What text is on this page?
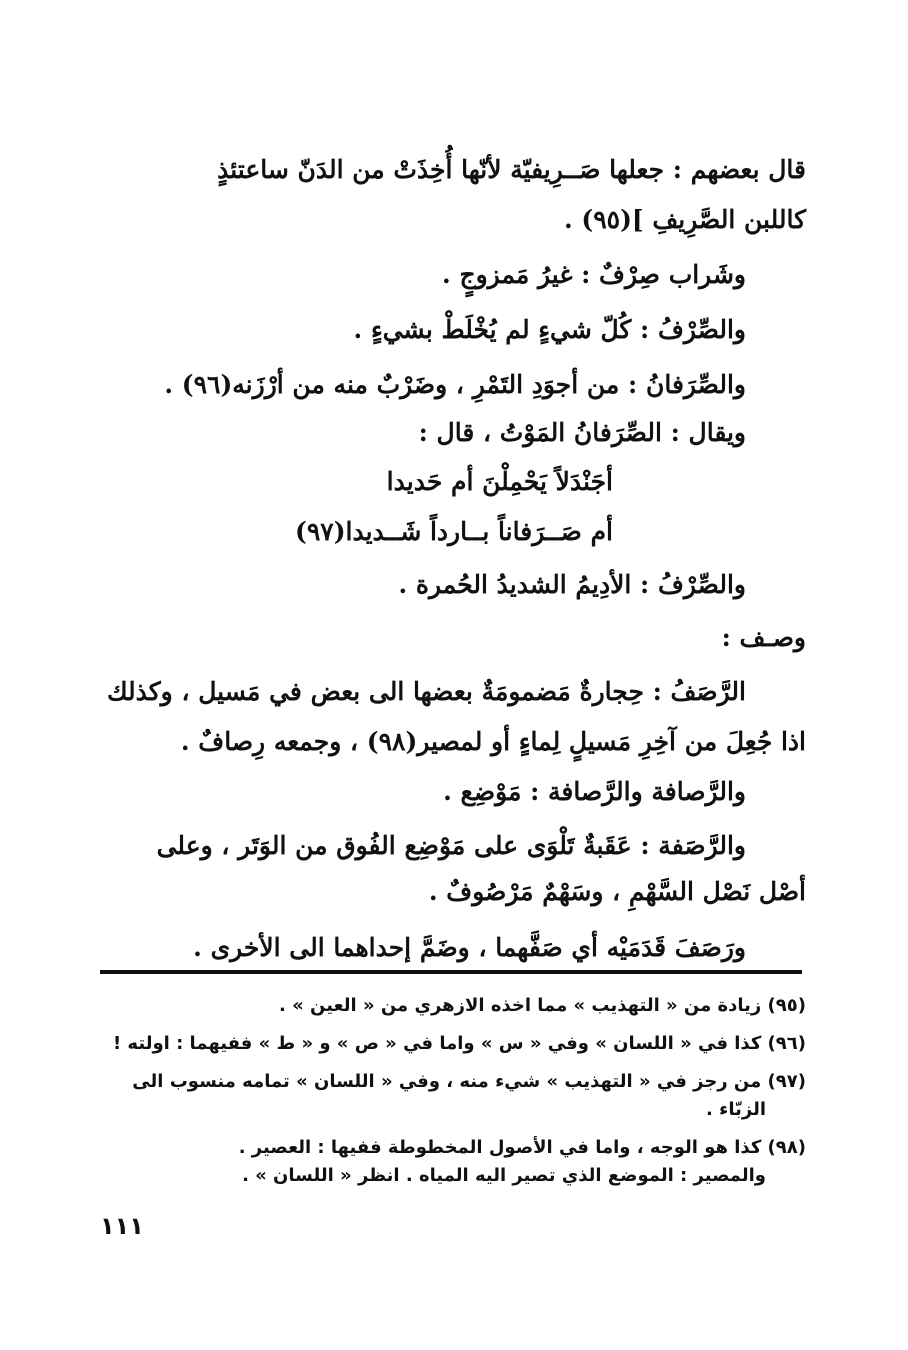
قال بعضهم : جعلها صَــرِيفيّة لأنّها أُخِذَتْ من الدَنّ ساعتئذٍ
كاللبن الصَّرِيفِ ](٩٥) .
وشَراب صِرْفٌ : غيرُ مَمزوجٍ .
والصِّرْفُ : كُلّ شيءٍ لم يُخْلَطْ بشيءٍ .
والصِّرَفانُ : من أجوَدِ التَمْرِ ، وضَرْبٌ منه من أرْزَنه(٩٦) .
ويقال : الصِّرَفانُ المَوْتُ ، قال :
أجَنْدَلاً يَحْمِلْنَ أم حَديدا
أم صَــرَفاناً بــارداً شَــديدا(٩٧)
والصِّرْفُ : الأدِيمُ الشديدُ الحُمرة .
وصـف :
الرَّصَفُ : حِجارةٌ مَضمومَةٌ بعضها الى بعض في مَسيل ، وكذلك
اذا جُعِلَ من آخِرِ مَسيلٍ لِماءٍ أو لمصير(٩٨) ، وجمعه رِصافٌ .
والرَّصافة والرَّصافة : مَوْضِع .
والرَّصَفة : عَقَبةٌ تَلْوَى على مَوْضِع الفُوق من الوَتَر ، وعلى
أصْل نَصْل السَّهْمِ ، وسَهْمٌ مَرْصُوفٌ .
ورَصَفَ قَدَمَيْه أي صَفَّهما ، وضَمَّ إحداهما الى الأخرى .
(٩٥) زيادة من « التهذيب » مما اخذه الازهري من « العين » .
(٩٦) كذا في « اللسان » وفي « س » واما في « ص » و « ط » ففيهما : اولته !
(٩٧) من رجز في « التهذيب » شيء منه ، وفي « اللسان » تمامه منسوب الى
الزبّاء .
(٩٨) كذا هو الوجه ، واما في الأصول المخطوطة ففيها : العصير .
والمصير : الموضع الذي تصير اليه المياه . انظر « اللسان » .
١١١
